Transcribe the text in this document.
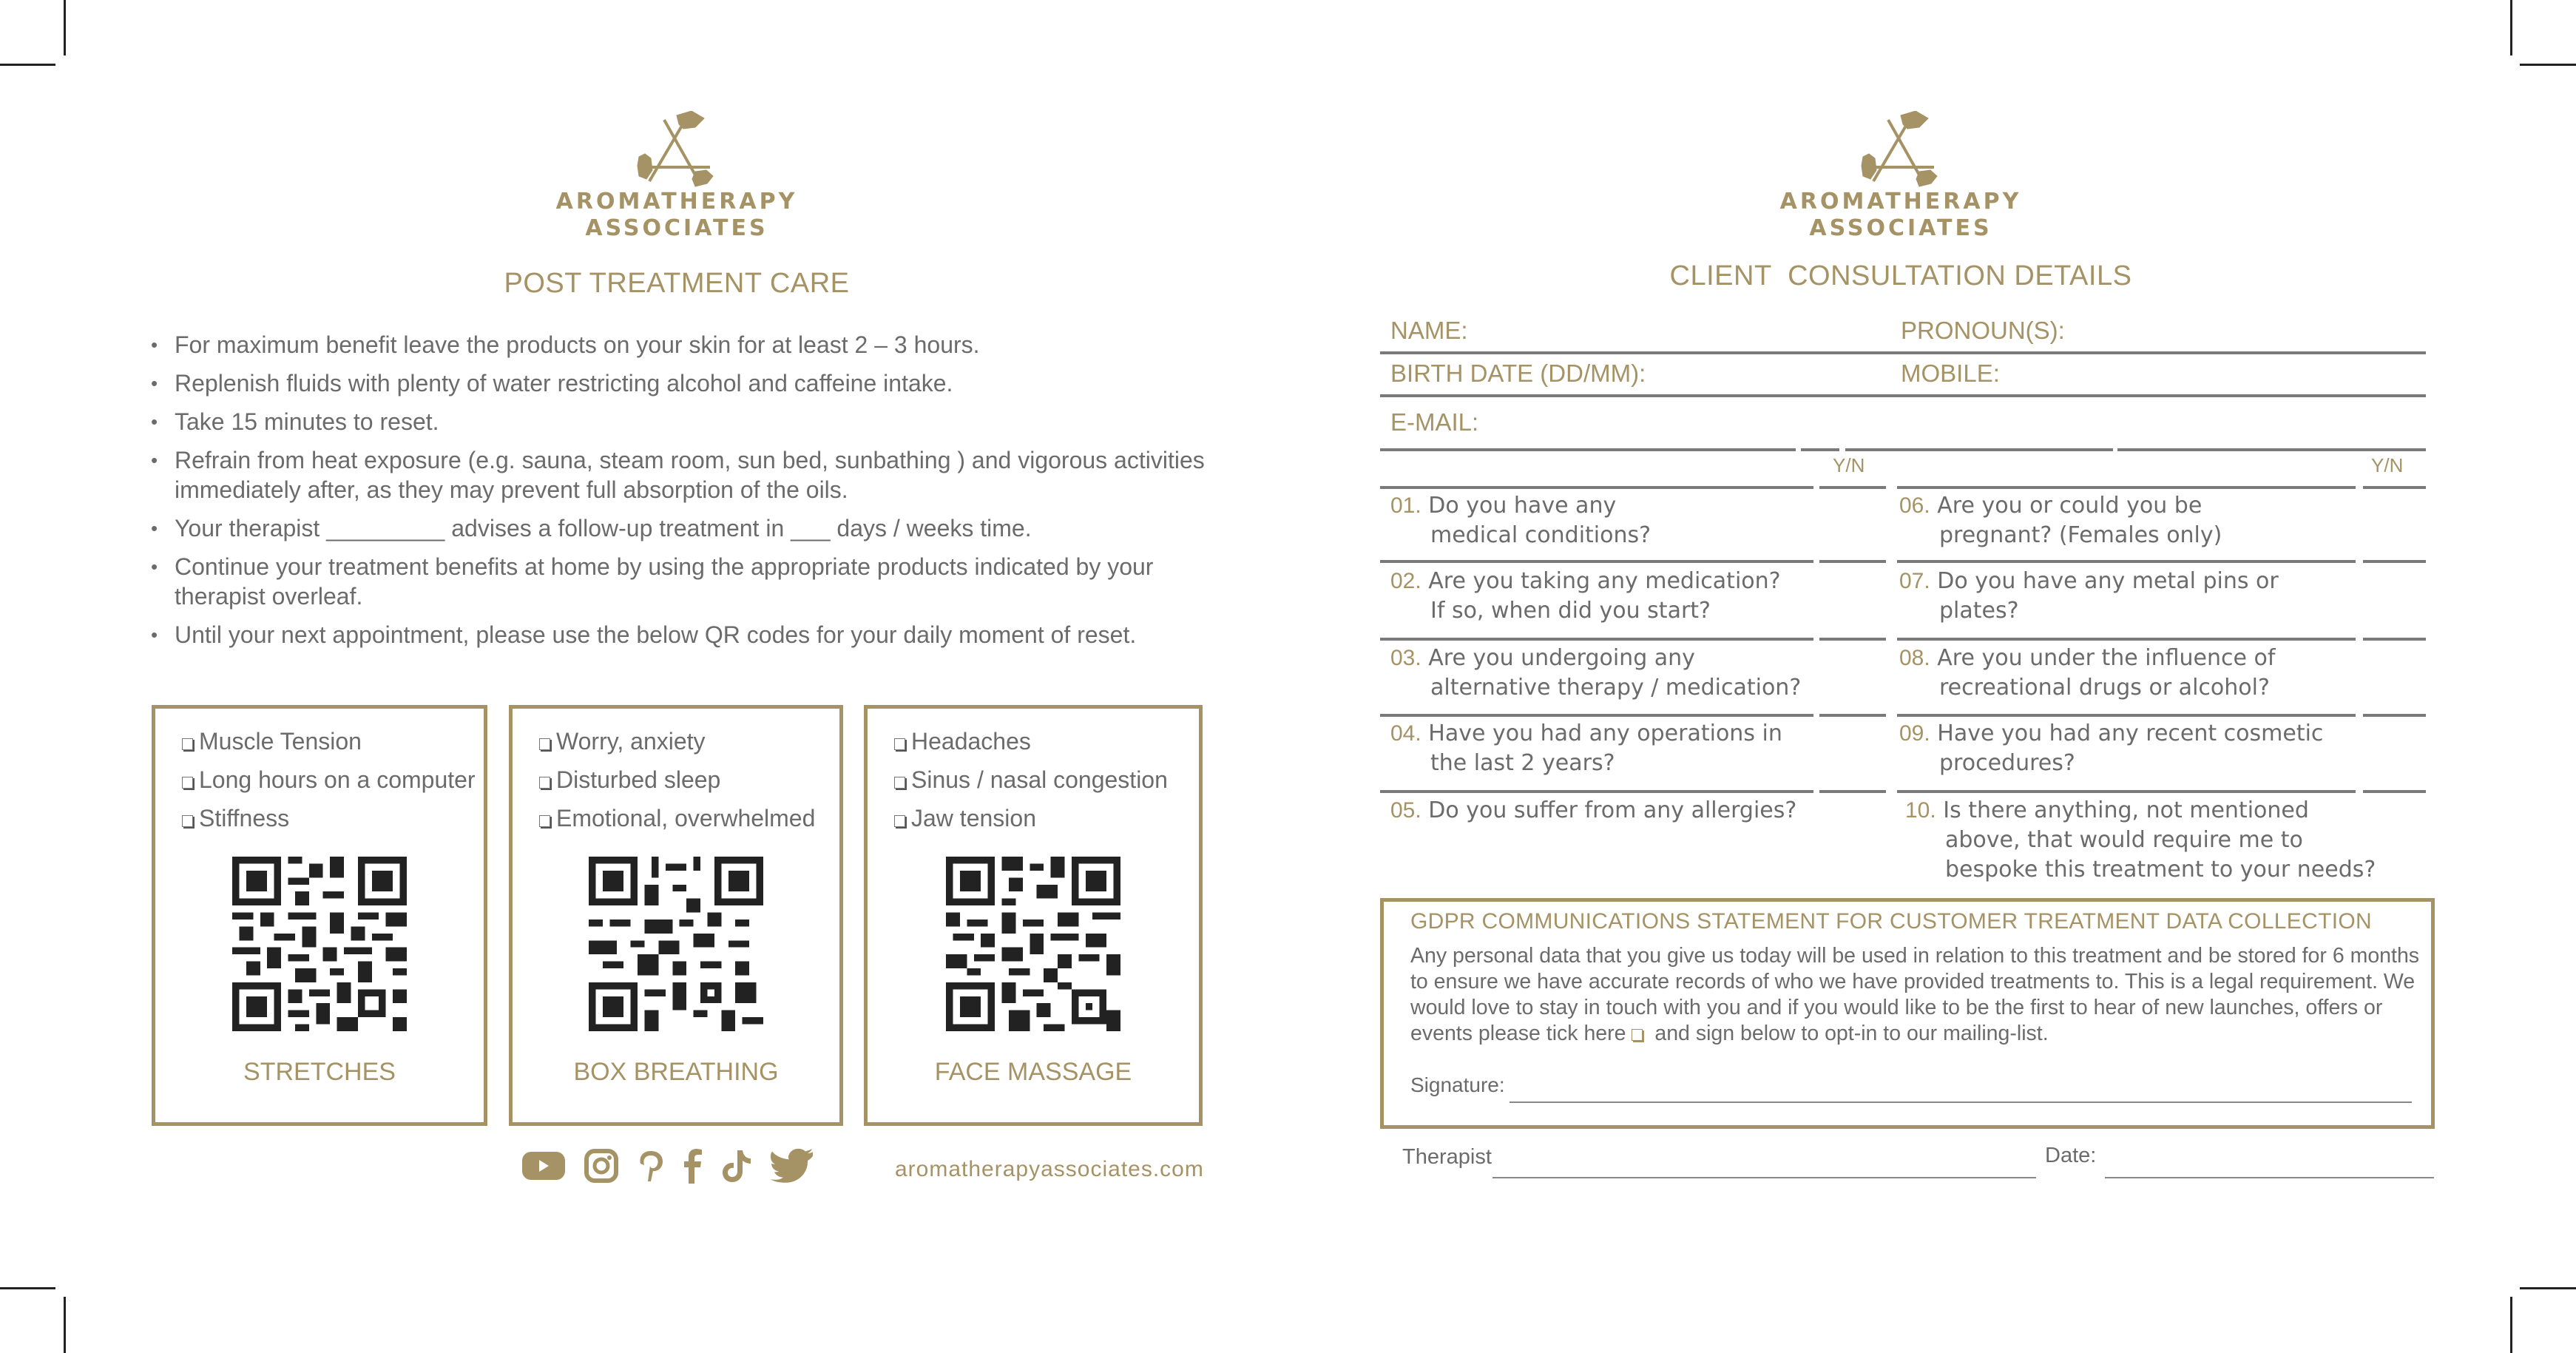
AROMATHERAPY
ASSOCIATES
POST TREATMENT CARE
• For maximum benefit leave the products on your skin for at least 2 – 3 hours.
• Replenish fluids with plenty of water restricting alcohol and caffeine intake.
• Take 15 minutes to reset.
• Refrain from heat exposure (e.g. sauna, steam room, sun bed, sunbathing ) and vigorous activities immediately after, as they may prevent full absorption of the oils.
• Your therapist _________ advises a follow-up treatment in ___ days / weeks time.
• Continue your treatment benefits at home by using the appropriate products indicated by your therapist overleaf.
• Until your next appointment, please use the below QR codes for your daily moment of reset.
Muscle Tension
Long hours on a computer
Stiffness
STRETCHES
Worry, anxiety
Disturbed sleep
Emotional, overwhelmed
BOX BREATHING
Headaches
Sinus / nasal congestion
Jaw tension
FACE MASSAGE
aromatherapyassociates.com
AROMATHERAPY
ASSOCIATES
CLIENT  CONSULTATION DETAILS
NAME:	PRONOUN(S):
BIRTH DATE (DD/MM):	MOBILE:
E-MAIL:
Y/N	Y/N
01. Do you have any
medical conditions?
02. Are you taking any medication?
If so, when did you start?
03. Are you undergoing any
alternative therapy / medication?
04. Have you had any operations in
the last 2 years?
05. Do you suffer from any allergies?
06. Are you or could you be
pregnant? (Females only)
07. Do you have any metal pins or
plates?
08. Are you under the influence of
recreational drugs or alcohol?
09. Have you had any recent cosmetic
procedures?
10. Is there anything, not mentioned
above, that would require me to
bespoke this treatment to your needs?
GDPR COMMUNICATIONS STATEMENT FOR CUSTOMER TREATMENT DATA COLLECTION
Any personal data that you give us today will be used in relation to this treatment and be stored for 6 months to ensure we have accurate records of who we have provided treatments to. This is a legal requirement. We would love to stay in touch with you and if you would like to be the first to hear of new launches, offers or events please tick here and sign below to opt-in to our mailing-list.
Signature:
Therapist	Date:
